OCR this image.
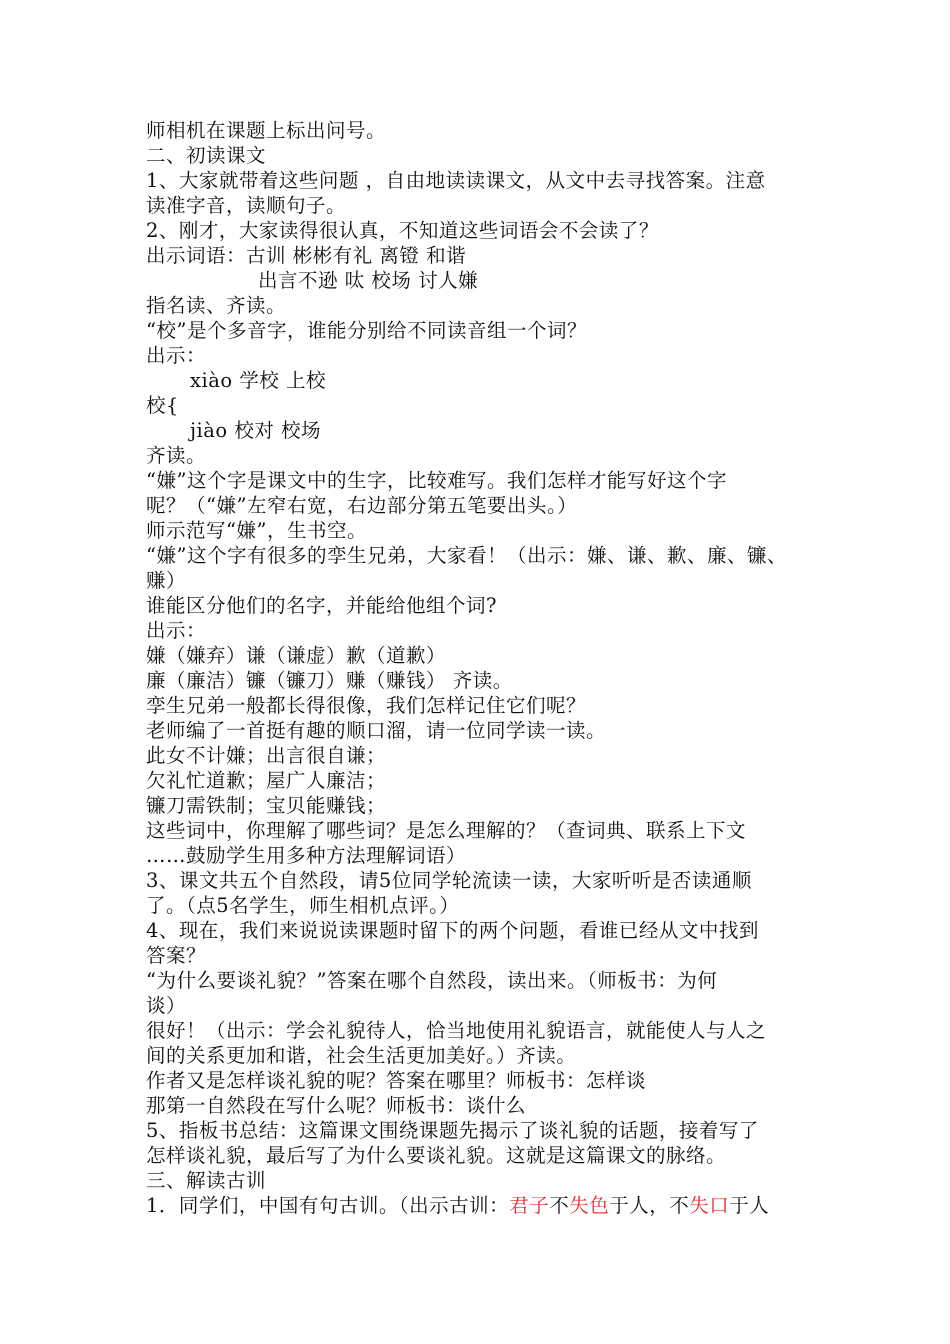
师相机在课题上标出问号。
二、初读课文
1、大家就带着这些问题 ，自由地读读课文，从文中去寻找答案。注意
读准字音，读顺句子。
2、刚才，大家读得很认真，不知道这些词语会不会读了？
出示词语：古训 彬彬有礼 离镫 和谐
出言不逊 呔 校场 讨人嫌
指名读、齐读。
“校”是个多音字，谁能分别给不同读音组一个词？
出示：
xiào 学校 上校
校{
jiào 校对 校场
齐读。
“嫌”这个字是课文中的生字，比较难写。我们怎样才能写好这个字
呢？（“嫌”左窄右宽，右边部分第五笔要出头。）
师示范写“嫌”，生书空。
“嫌”这个字有很多的孪生兄弟，大家看！（出示：嫌、谦、歉、廉、镰、
赚）
谁能区分他们的名字，并能给他组个词?
出示：
嫌（嫌弃）谦（谦虚）歉（道歉）
廉（廉洁）镰（镰刀）赚（赚钱） 齐读。
孪生兄弟一般都长得很像，我们怎样记住它们呢？
老师编了一首挺有趣的顺口溜，请一位同学读一读。
此女不计嫌；出言很自谦；
欠礼忙道歉；屋广人廉洁；
镰刀需铁制；宝贝能赚钱；
这些词中，你理解了哪些词？是怎么理解的？（查词典、联系上下文
……鼓励学生用多种方法理解词语）
3、课文共五个自然段，请5位同学轮流读一读，大家听听是否读通顺
了。（点5名学生，师生相机点评。）
4、现在，我们来说说读课题时留下的两个问题，看谁已经从文中找到
答案？
“为什么要谈礼貌？”答案在哪个自然段，读出来。（师板书：为何
谈）
很好！（出示：学会礼貌待人，恰当地使用礼貌语言，就能使人与人之
间的关系更加和谐，社会生活更加美好。）齐读。
作者又是怎样谈礼貌的呢？答案在哪里？师板书：怎样谈
那第一自然段在写什么呢？师板书：谈什么
5、指板书总结：这篇课文围绕课题先揭示了谈礼貌的话题，接着写了
怎样谈礼貌，最后写了为什么要谈礼貌。这就是这篇课文的脉络。
三、解读古训
1．同学们，中国有句古训。（出示古训：君子不失色于人，不失口于人
